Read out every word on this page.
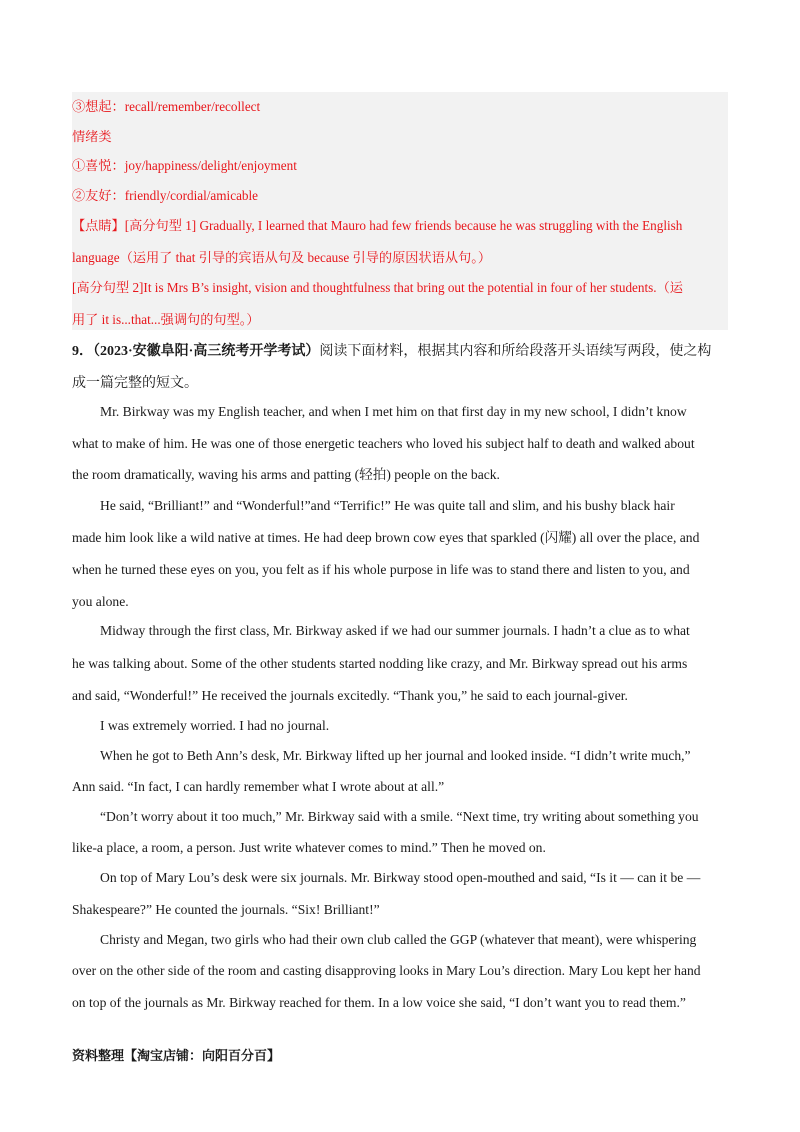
③想起：recall/remember/recollect
情绪类
①喜悦：joy/happiness/delight/enjoyment
②友好：friendly/cordial/amicable
【点睛】[高分句型 1] Gradually, I learned that Mauro had few friends because he was struggling with the English
language（运用了 that 引导的宾语从句及 because 引导的原因状语从句。）
[高分句型 2]It is Mrs B’s insight, vision and thoughtfulness that bring out the potential in four of her students.（运
用了 it is...that...强调句的句型。）
9．（2023·安徽阜阳·高三统考开学考试）阅读下面材料，根据其内容和所给段落开头语续写两段，使之构
成一篇完整的短文。
Mr. Birkway was my English teacher, and when I met him on that first day in my new school, I didn’t know
what to make of him. He was one of those energetic teachers who loved his subject half to death and walked about
the room dramatically, waving his arms and patting (轻拍) people on the back.
He said, “Brilliant!” and “Wonderful!”and “Terrific!” He was quite tall and slim, and his bushy black hair
made him look like a wild native at times. He had deep brown cow eyes that sparkled (闪耀) all over the place, and
when he turned these eyes on you, you felt as if his whole purpose in life was to stand there and listen to you, and
you alone.
Midway through the first class, Mr. Birkway asked if we had our summer journals. I hadn’t a clue as to what
he was talking about. Some of the other students started nodding like crazy, and Mr. Birkway spread out his arms
and said, “Wonderful!” He received the journals excitedly. “Thank you,” he said to each journal-giver.
I was extremely worried. I had no journal.
When he got to Beth Ann’s desk, Mr. Birkway lifted up her journal and looked inside. “I didn’t write much,”
Ann said. “In fact, I can hardly remember what I wrote about at all.”
“Don’t worry about it too much,” Mr. Birkway said with a smile. “Next time, try writing about something you
like-a place, a room, a person. Just write whatever comes to mind.” Then he moved on.
On top of Mary Lou’s desk were six journals. Mr. Birkway stood open-mouthed and said, “Is it — can it be —
Shakespeare?” He counted the journals. “Six! Brilliant!”
Christy and Megan, two girls who had their own club called the GGP (whatever that meant), were whispering
over on the other side of the room and casting disapproving looks in Mary Lou’s direction. Mary Lou kept her hand
on top of the journals as Mr. Birkway reached for them. In a low voice she said, “I don’t want you to read them.”
资料整理【淘宝店铺：向阳百分百】
